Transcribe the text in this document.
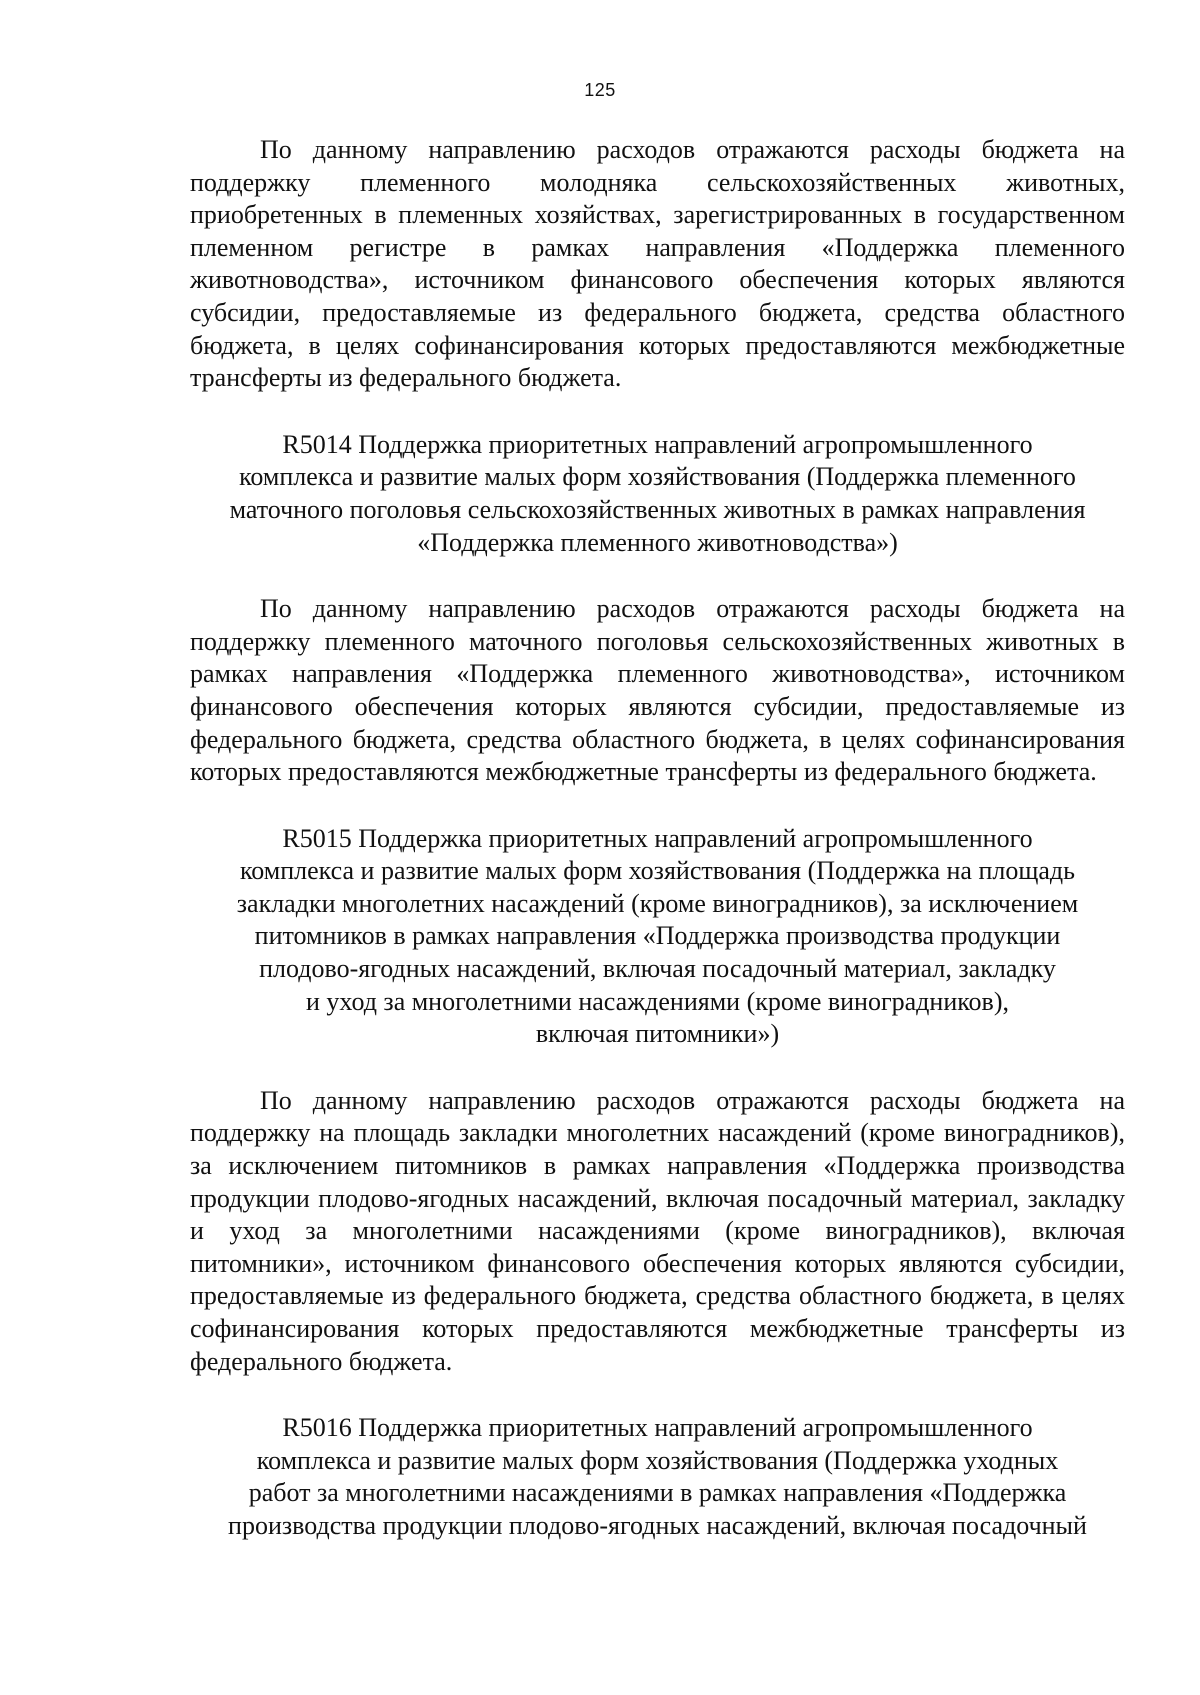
125

По данному направлению расходов отражаются расходы бюджета на поддержку племенного молодняка сельскохозяйственных животных, приобретенных в племенных хозяйствах, зарегистрированных в государственном племенном регистре в рамках направления «Поддержка племенного животноводства», источником финансового обеспечения которых являются субсидии, предоставляемые из федерального бюджета, средства областного бюджета, в целях софинансирования которых предоставляются межбюджетные трансферты из федерального бюджета.

R5014 Поддержка приоритетных направлений агропромышленного
комплекса и развитие малых форм хозяйствования (Поддержка племенного
маточного поголовья сельскохозяйственных животных в рамках направления
«Поддержка племенного животноводства»)

По данному направлению расходов отражаются расходы бюджета на поддержку племенного маточного поголовья сельскохозяйственных животных в рамках направления «Поддержка племенного животноводства», источником финансового обеспечения которых являются субсидии, предоставляемые из федерального бюджета, средства областного бюджета, в целях софинансирования которых предоставляются межбюджетные трансферты из федерального бюджета.

R5015 Поддержка приоритетных направлений агропромышленного
комплекса и развитие малых форм хозяйствования (Поддержка на площадь
закладки многолетних насаждений (кроме виноградников), за исключением
питомников в рамках направления «Поддержка производства продукции
плодово-ягодных насаждений, включая посадочный материал, закладку
и уход за многолетними насаждениями (кроме виноградников),
включая питомники»)

По данному направлению расходов отражаются расходы бюджета на поддержку на площадь закладки многолетних насаждений (кроме виноградников), за исключением питомников в рамках направления «Поддержка производства продукции плодово-ягодных насаждений, включая посадочный материал, закладку и уход за многолетними насаждениями (кроме виноградников), включая питомники», источником финансового обеспечения которых являются субсидии, предоставляемые из федерального бюджета, средства областного бюджета, в целях софинансирования которых предоставляются межбюджетные трансферты из федерального бюджета.

R5016 Поддержка приоритетных направлений агропромышленного
комплекса и развитие малых форм хозяйствования (Поддержка уходных
работ за многолетними насаждениями в рамках направления «Поддержка
производства продукции плодово-ягодных насаждений, включая посадочный
